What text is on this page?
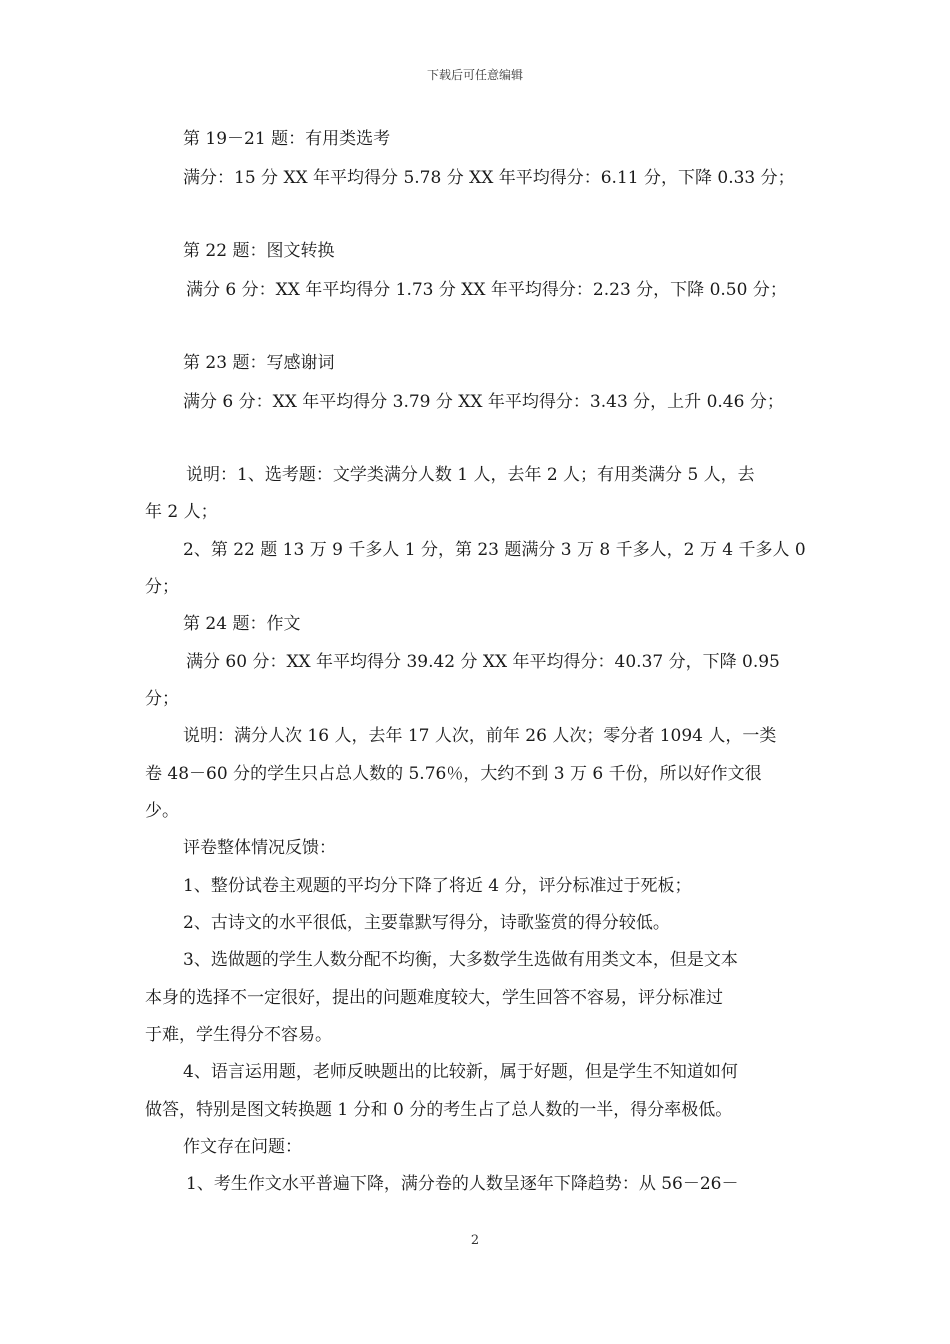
下载后可任意编辑
第 19－21 题：有用类选考
满分：15 分 XX 年平均得分 5.78 分 XX 年平均得分：6.11 分，下降 0.33 分；
第 22 题：图文转换
满分 6 分：XX 年平均得分 1.73 分 XX 年平均得分：2.23 分，下降 0.50 分；
第 23 题：写感谢词
满分 6 分：XX 年平均得分 3.79 分 XX 年平均得分：3.43 分，上升 0.46 分；
说明：1、选考题：文学类满分人数 1 人，去年 2 人；有用类满分 5 人，去
年 2 人；
2、第 22 题 13 万 9 千多人 1 分，第 23 题满分 3 万 8 千多人，2 万 4 千多人 0
分；
第 24 题：作文
满分 60 分：XX 年平均得分 39.42 分 XX 年平均得分：40.37 分，下降 0.95
分；
说明：满分人次 16 人，去年 17 人次，前年 26 人次；零分者 1094 人，一类
卷 48－60 分的学生只占总人数的 5.76％，大约不到 3 万 6 千份，所以好作文很
少。
评卷整体情况反馈：
1、整份试卷主观题的平均分下降了将近 4 分，评分标准过于死板；
2、古诗文的水平很低，主要靠默写得分，诗歌鉴赏的得分较低。
3、选做题的学生人数分配不均衡，大多数学生选做有用类文本，但是文本
本身的选择不一定很好，提出的问题难度较大，学生回答不容易，评分标准过
于难，学生得分不容易。
4、语言运用题，老师反映题出的比较新，属于好题，但是学生不知道如何
做答，特别是图文转换题 1 分和 0 分的考生占了总人数的一半，得分率极低。
作文存在问题：
1、考生作文水平普遍下降，满分卷的人数呈逐年下降趋势：从 56－26－
2
